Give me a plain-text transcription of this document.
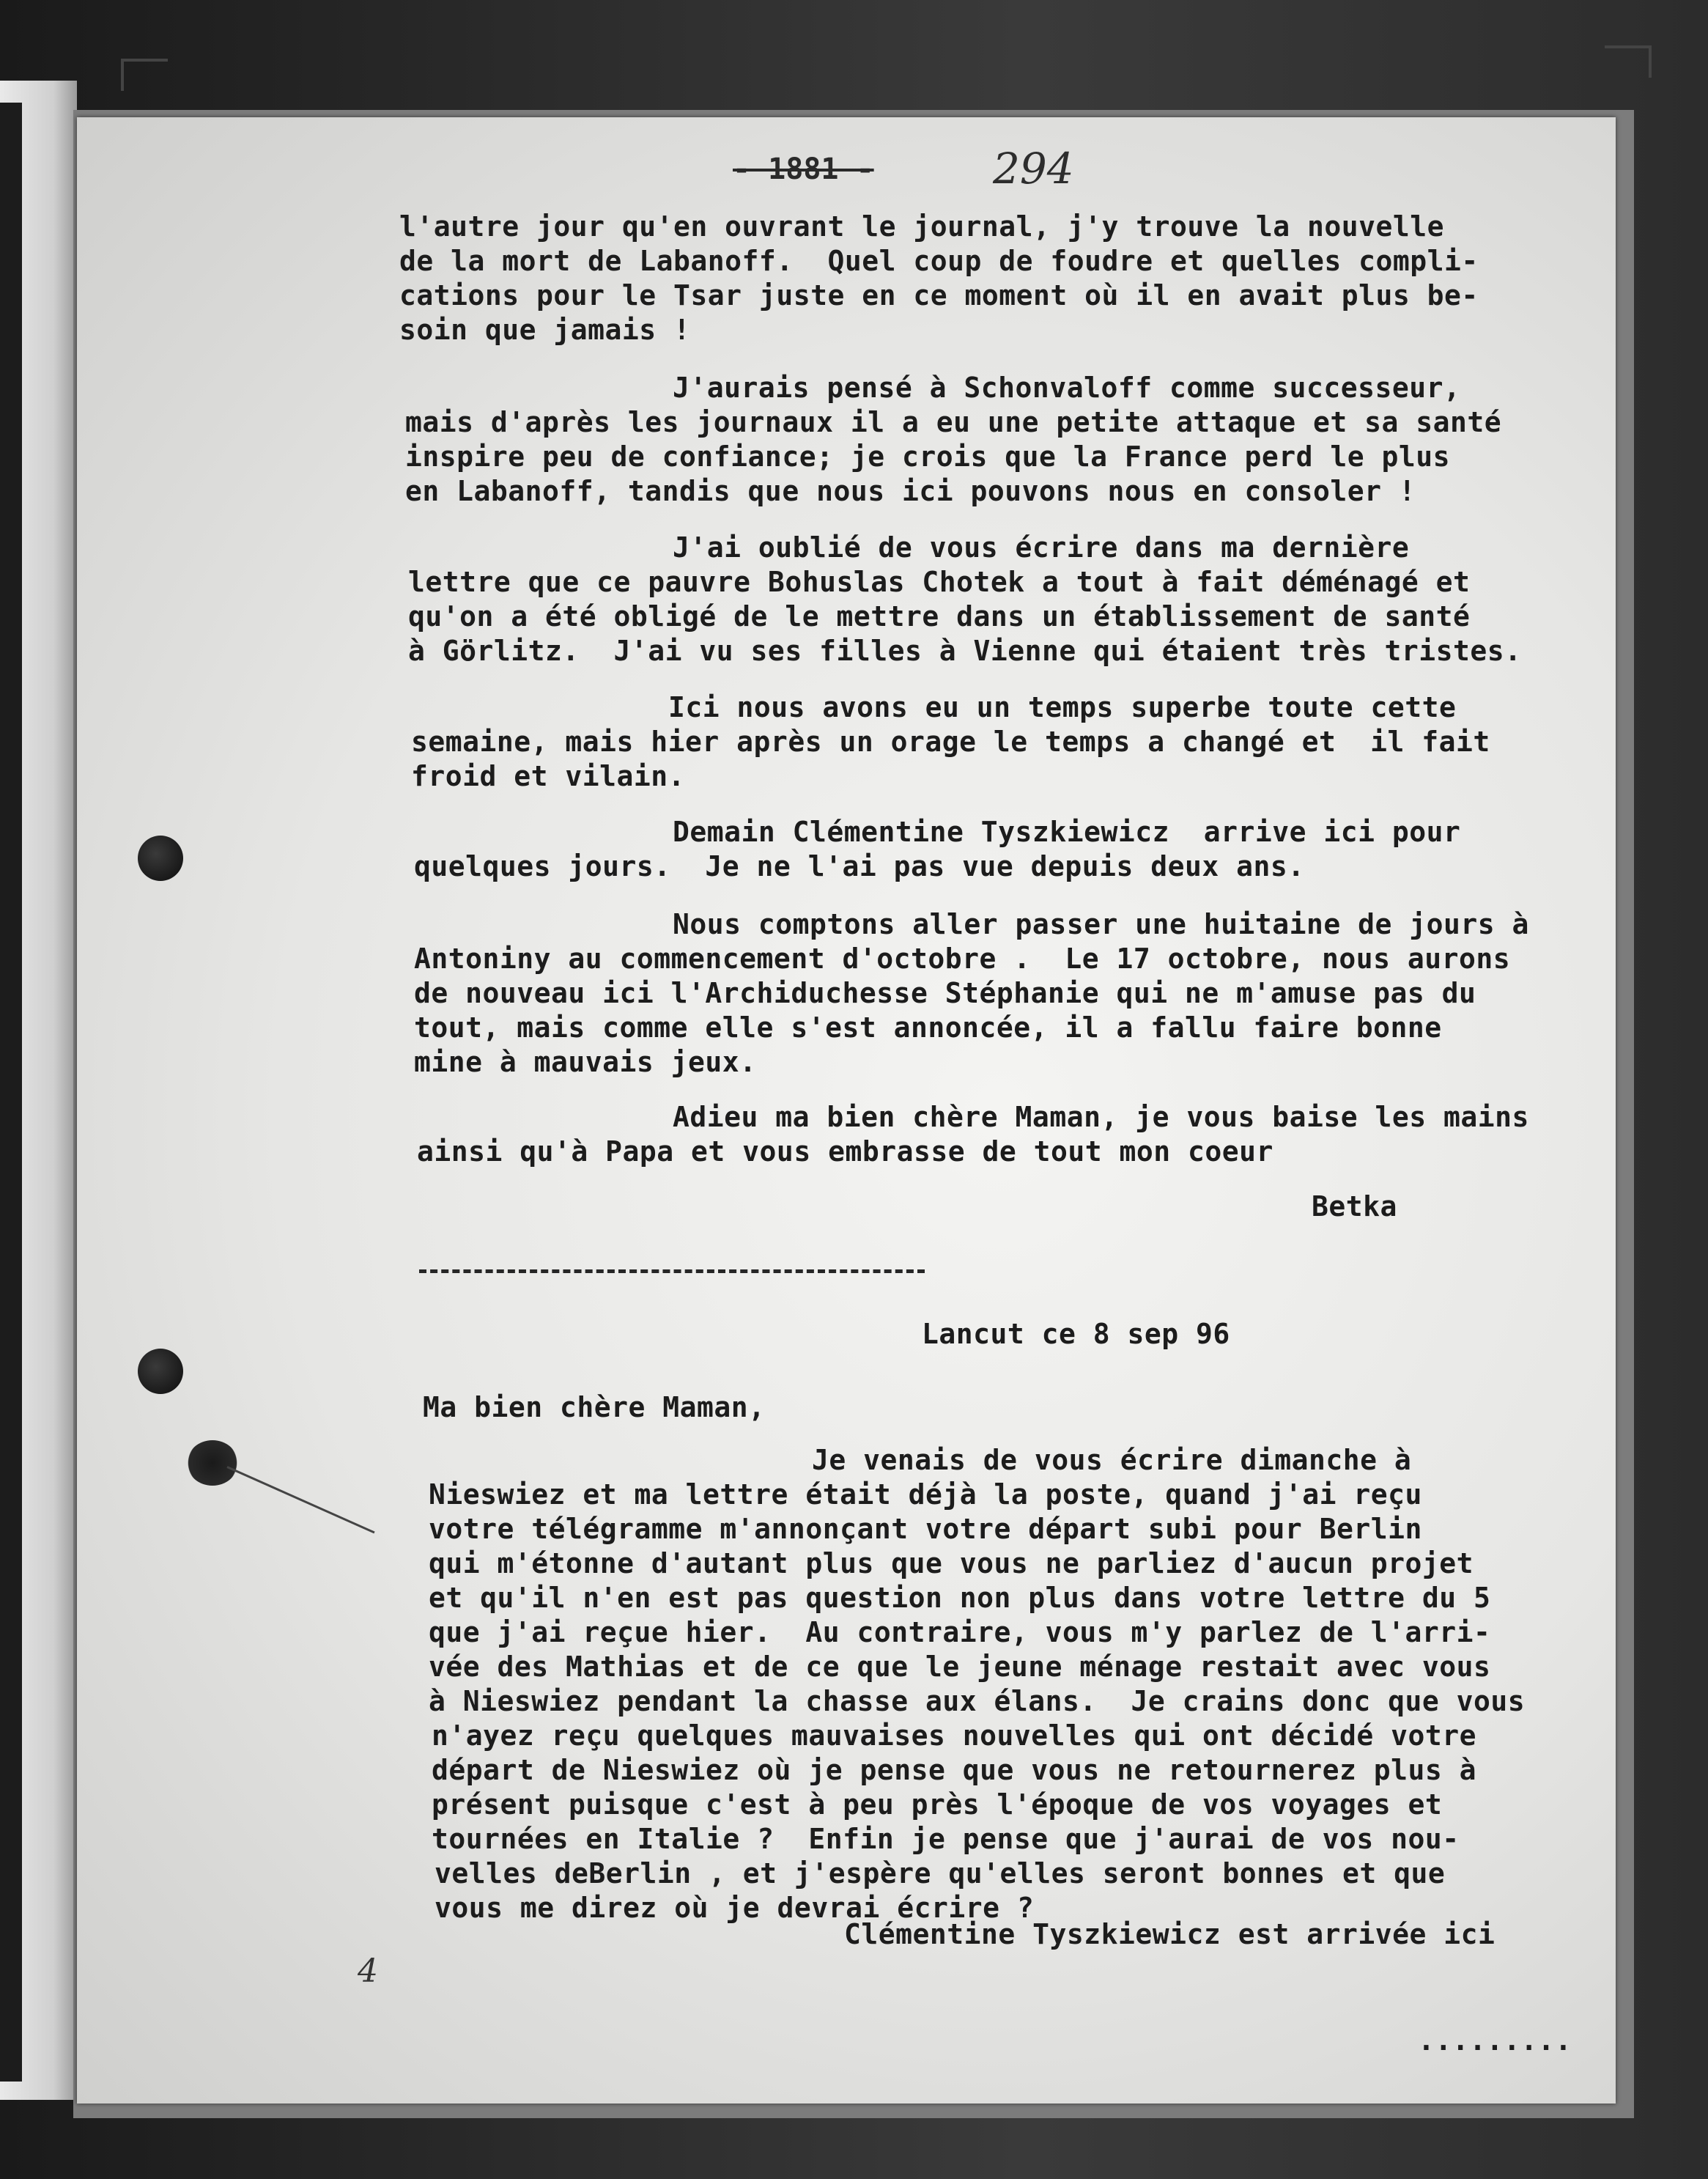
- 1881 -	294

l'autre jour qu'en ouvrant le journal, j'y trouve la nouvelle

de la mort de Labanoff.  Quel coup de foudre et quelles compli-

cations pour le Tsar juste en ce moment où il en avait plus be-

soin que jamais !

J'aurais pensé à Schonvaloff comme successeur,

mais d'après les journaux il a eu une petite attaque et sa santé

inspire peu de confiance; je crois que la France perd le plus

en Labanoff, tandis que nous ici pouvons nous en consoler !

J'ai oublié de vous écrire dans ma dernière

lettre que ce pauvre Bohuslas Chotek a tout à fait déménagé et

qu'on a été obligé de le mettre dans un établissement de santé

à Görlitz.  J'ai vu ses filles à Vienne qui étaient très tristes.

Ici nous avons eu un temps superbe toute cette

semaine, mais hier après un orage le temps a changé et  il fait

froid et vilain.

Demain Clémentine Tyszkiewicz  arrive ici pour

quelques jours.  Je ne l'ai pas vue depuis deux ans.

Nous comptons aller passer une huitaine de jours à

Antoniny au commencement d'octobre .  Le 17 octobre, nous aurons

de nouveau ici l'Archiduchesse Stéphanie qui ne m'amuse pas du

tout, mais comme elle s'est annoncée, il a fallu faire bonne

mine à mauvais jeux.

Adieu ma bien chère Maman, je vous baise les mains

ainsi qu'à Papa et vous embrasse de tout mon coeur

Betka

Lancut ce 8 sep 96

Ma bien chère Maman,

Je venais de vous écrire dimanche à

Nieswiez et ma lettre était déjà la poste, quand j'ai reçu

votre télégramme m'annonçant votre départ subi pour Berlin

qui m'étonne d'autant plus que vous ne parliez d'aucun projet

et qu'il n'en est pas question non plus dans votre lettre du 5

que j'ai reçue hier.  Au contraire, vous m'y parlez de l'arri-

vée des Mathias et de ce que le jeune ménage restait avec vous

à Nieswiez pendant la chasse aux élans.  Je crains donc que vous

n'ayez reçu quelques mauvaises nouvelles qui ont décidé votre

départ de Nieswiez où je pense que vous ne retournerez plus à

présent puisque c'est à peu près l'époque de vos voyages et

tournées en Italie ?  Enfin je pense que j'aurai de vos nou-

velles deBerlin , et j'espère qu'elles seront bonnes et que

vous me direz où je devrai écrire ?

4

Clémentine Tyszkiewicz est arrivée ici

.........
